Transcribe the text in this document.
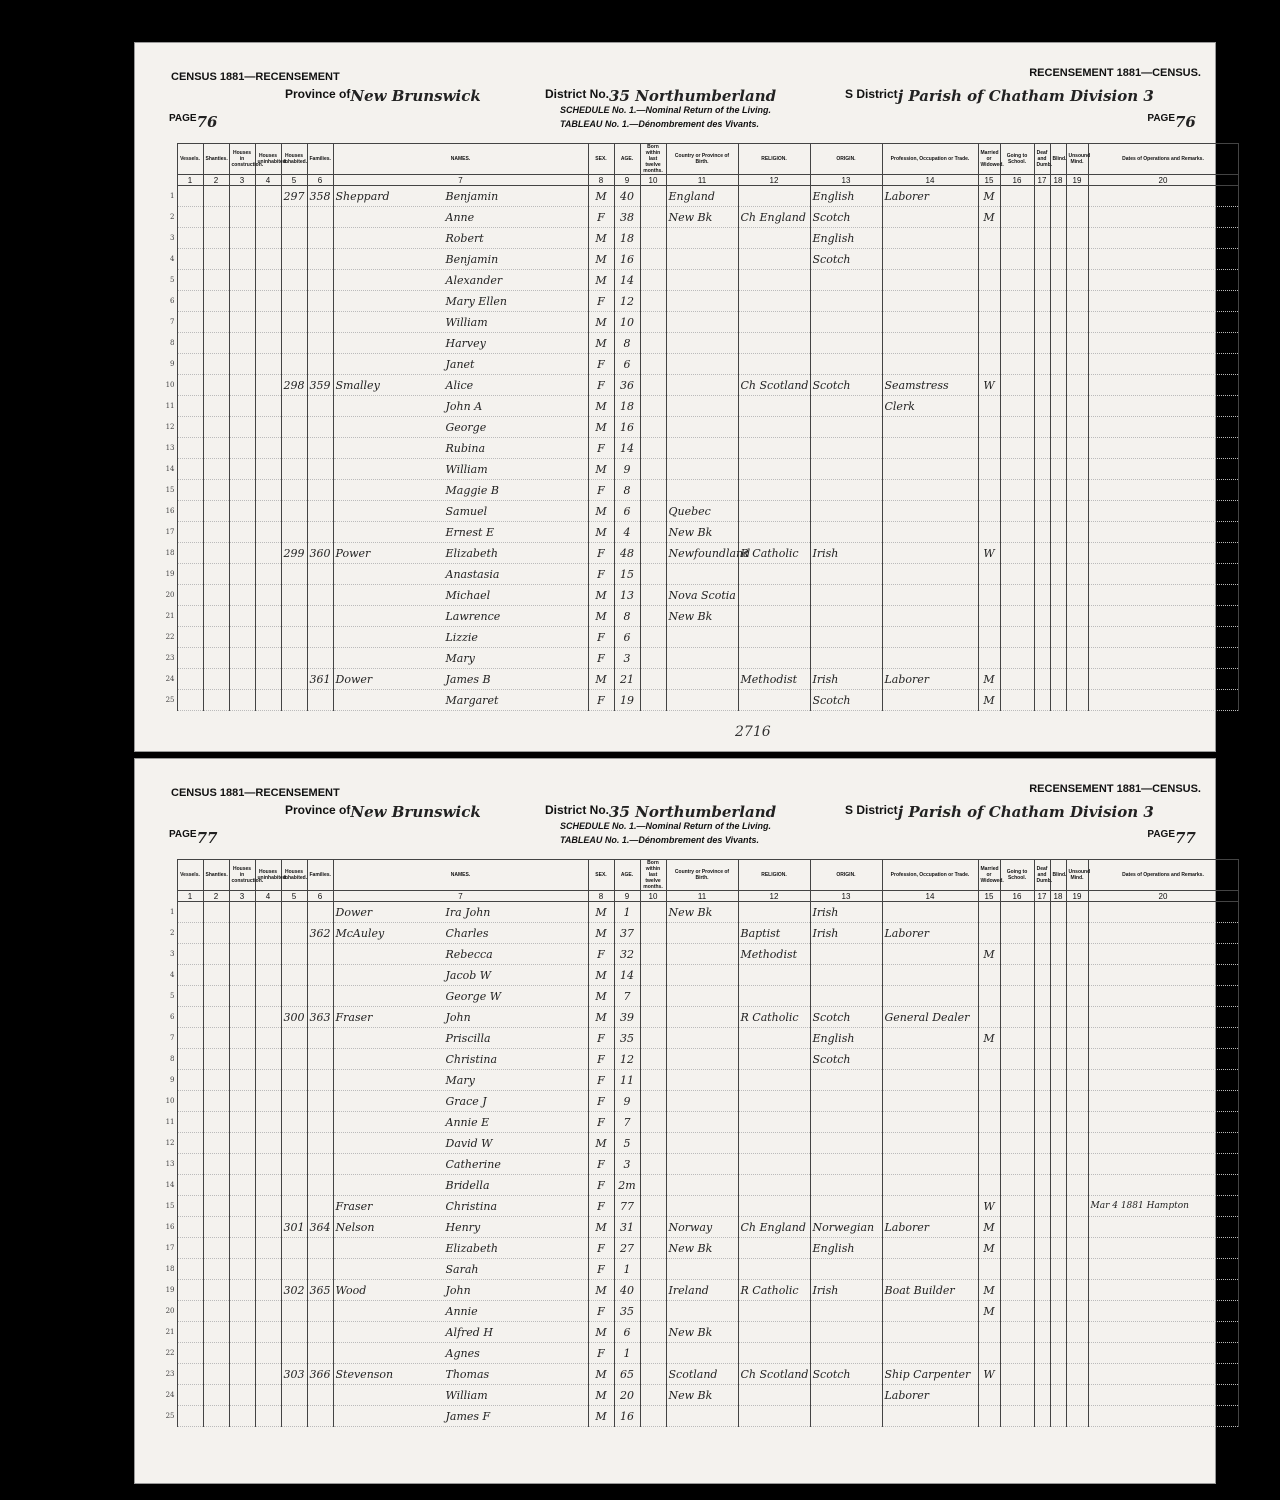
CENSUS 1881—RECENSEMENT	RECENSEMENT 1881—CENSUS.
Province of New Brunswick	District No. 35 Northumberland	S District j Parish of Chatham Division 3
SCHEDULE No. 1.—Nominal Return of the Living.
TABLEAU No. 1.—Dénombrement des Vivants.
PAGE 76	PAGE 76
	Vessels.	Shanties.	Houses in construction.	Houses uninhabited.	Houses inhabited.	Families.	NAMES.	SEX.	AGE.	Born within last twelve months.	Country or Province of Birth.	RELIGION.	ORIGIN.	Profession, Occupation or Trade.	Married or Widowed.	Going to School.	Deaf and Dumb.	Blind.	Unsound Mind.	Dates of Operations and Remarks.
	1	2	3	4	5	6	7	8	9	10	11	12	13	14	15	16	17	18	19	20
1					297	358	Sheppard Benjamin	M	40		England		English	Laborer	M					
2							Anne	F	38		New Bk	Ch England	Scotch		M					
3							Robert	M	18				English							
4							Benjamin	M	16				Scotch							
5							Alexander	M	14											
6							Mary Ellen	F	12											
7							William	M	10											
8							Harvey	M	8											
9							Janet	F	6											
10					298	359	Smalley Alice	F	36			Ch Scotland	Scotch	Seamstress	W					
11							John A	M	18					Clerk						
12							George	M	16											
13							Rubina	F	14											
14							William	M	9											
15							Maggie B	F	8											
16							Samuel	M	6		Quebec									
17							Ernest E	M	4		New Bk									
18					299	360	Power Elizabeth	F	48		Newfoundland	R Catholic	Irish		W					
19							Anastasia	F	15											
20							Michael	M	13		Nova Scotia									
21							Lawrence	M	8		New Bk									
22							Lizzie	F	6											
23							Mary	F	3											
24						361	Dower James B	M	21			Methodist	Irish	Laborer	M					
25							Margaret	F	19				Scotch		M					
2716
CENSUS 1881—RECENSEMENT	RECENSEMENT 1881—CENSUS.
Province of New Brunswick	District No. 35 Northumberland	S District j Parish of Chatham Division 3
SCHEDULE No. 1.—Nominal Return of the Living.
TABLEAU No. 1.—Dénombrement des Vivants.
PAGE 77	PAGE 77
	Vessels.	Shanties.	Houses in construction.	Houses uninhabited.	Houses inhabited.	Families.	NAMES.	SEX.	AGE.	Born within last twelve months.	Country or Province of Birth.	RELIGION.	ORIGIN.	Profession, Occupation or Trade.	Married or Widowed.	Going to School.	Deaf and Dumb.	Blind.	Unsound Mind.	Dates of Operations and Remarks.
	1	2	3	4	5	6	7	8	9	10	11	12	13	14	15	16	17	18	19	20
1							Dower Ira John	M	1		New Bk		Irish							
2						362	McAuley Charles	M	37			Baptist	Irish	Laborer						
3							Rebecca	F	32			Methodist			M					
4							Jacob W	M	14											
5							George W	M	7											
6					300	363	Fraser John	M	39			R Catholic	Scotch	General Dealer						
7							Priscilla	F	35				English		M					
8							Christina	F	12				Scotch							
9							Mary	F	11											
10							Grace J	F	9											
11							Annie E	F	7											
12							David W	M	5											
13							Catherine	F	3											
14							Bridella	F	2m											
15							Fraser Christina	F	77						W					Mar 4 1881 Hampton
16					301	364	Nelson Henry	M	31		Norway	Ch England	Norwegian	Laborer	M					
17							Elizabeth	F	27		New Bk		English		M					
18							Sarah	F	1											
19					302	365	Wood John	M	40		Ireland	R Catholic	Irish	Boat Builder	M					
20							Annie	F	35						M					
21							Alfred H	M	6		New Bk									
22							Agnes	F	1											
23					303	366	Stevenson Thomas	M	65		Scotland	Ch Scotland	Scotch	Ship Carpenter	W					
24							William	M	20		New Bk			Laborer						
25							James F	M	16											
